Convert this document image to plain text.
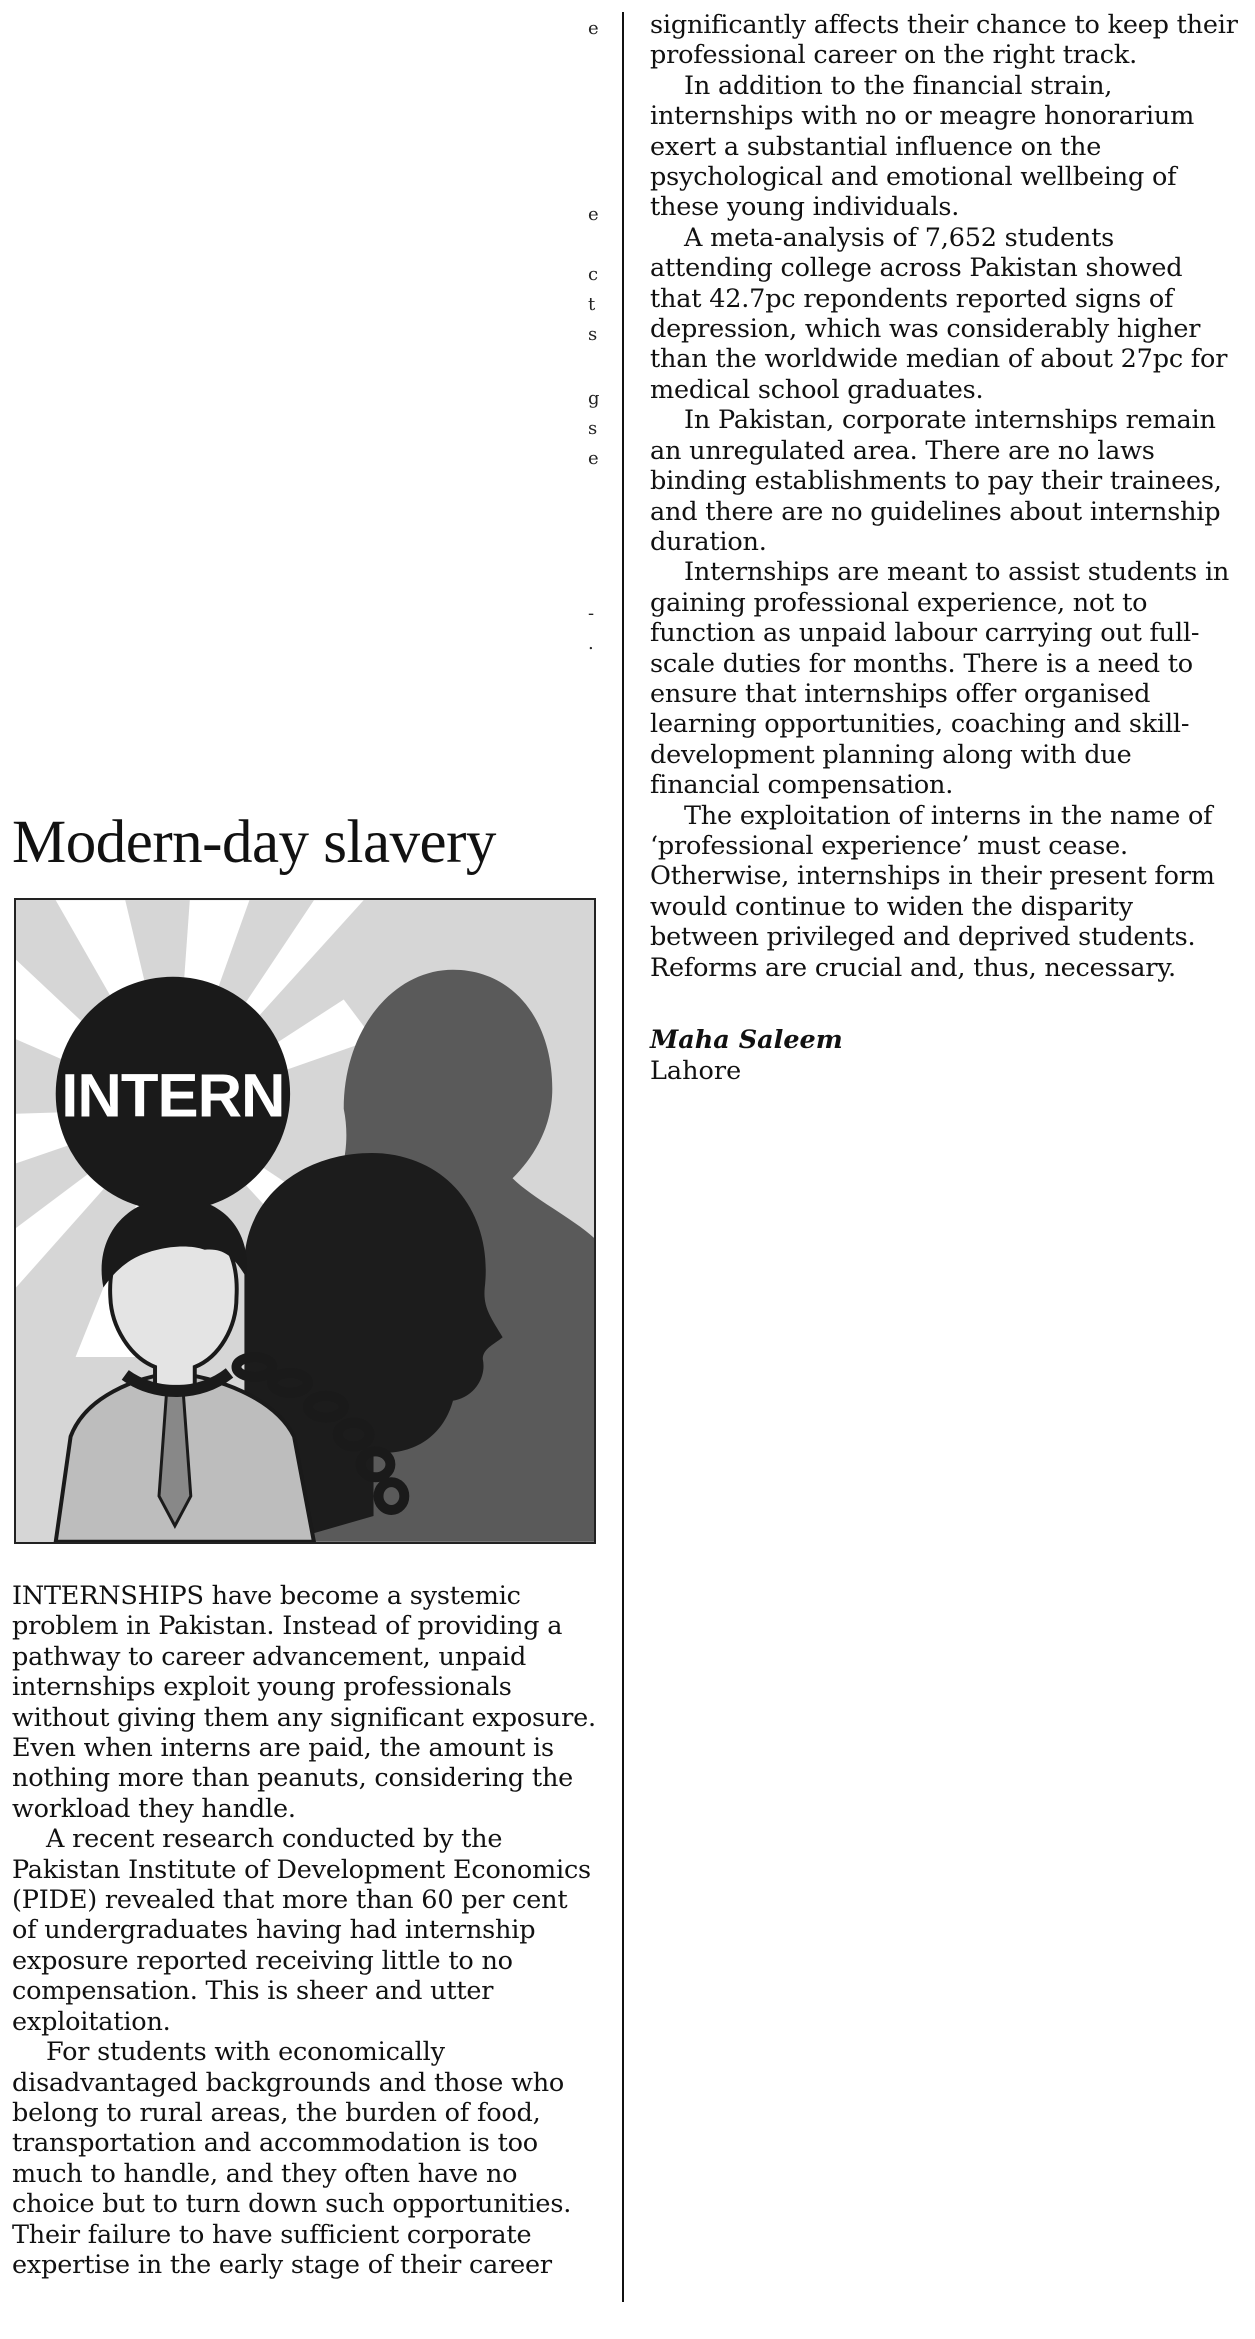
e
e
c
t
s
g
s
e
-
.
Modern-day slavery
INTERN

INTERNSHIPS have become a systemic problem in Pakistan. Instead of providing a pathway to career advancement, unpaid internships exploit young professionals without giving them any significant exposure. Even when interns are paid, the amount is nothing more than peanuts, considering the workload they handle.

A recent research conducted by the Pakistan Institute of Development Economics (PIDE) revealed that more than 60 per cent of undergraduates having had internship exposure reported receiving little to no compensation. This is sheer and utter exploitation.

For students with economically disadvantaged backgrounds and those who belong to rural areas, the burden of food, transportation and accommodation is too much to handle, and they often have no choice but to turn down such opportunities. Their failure to have sufficient corporate expertise in the early stage of their career

significantly affects their chance to keep their professional career on the right track.

In addition to the financial strain, internships with no or meagre honorarium exert a substantial influence on the psychological and emotional wellbeing of these young individuals.

A meta-analysis of 7,652 students attending college across Pakistan showed that 42.7pc repondents reported signs of depression, which was considerably higher than the worldwide median of about 27pc for medical school graduates.

In Pakistan, corporate internships remain an unregulated area. There are no laws binding establishments to pay their trainees, and there are no guidelines about internship duration.

Internships are meant to assist students in gaining professional experience, not to function as unpaid labour carrying out full-scale duties for months. There is a need to ensure that internships offer organised learning opportunities, coaching and skill-development planning along with due financial compensation.

The exploitation of interns in the name of ‘professional experience’ must cease. Otherwise, internships in their present form would continue to widen the disparity between privileged and deprived students. Reforms are crucial and, thus, necessary.

Maha Saleem
Lahore
